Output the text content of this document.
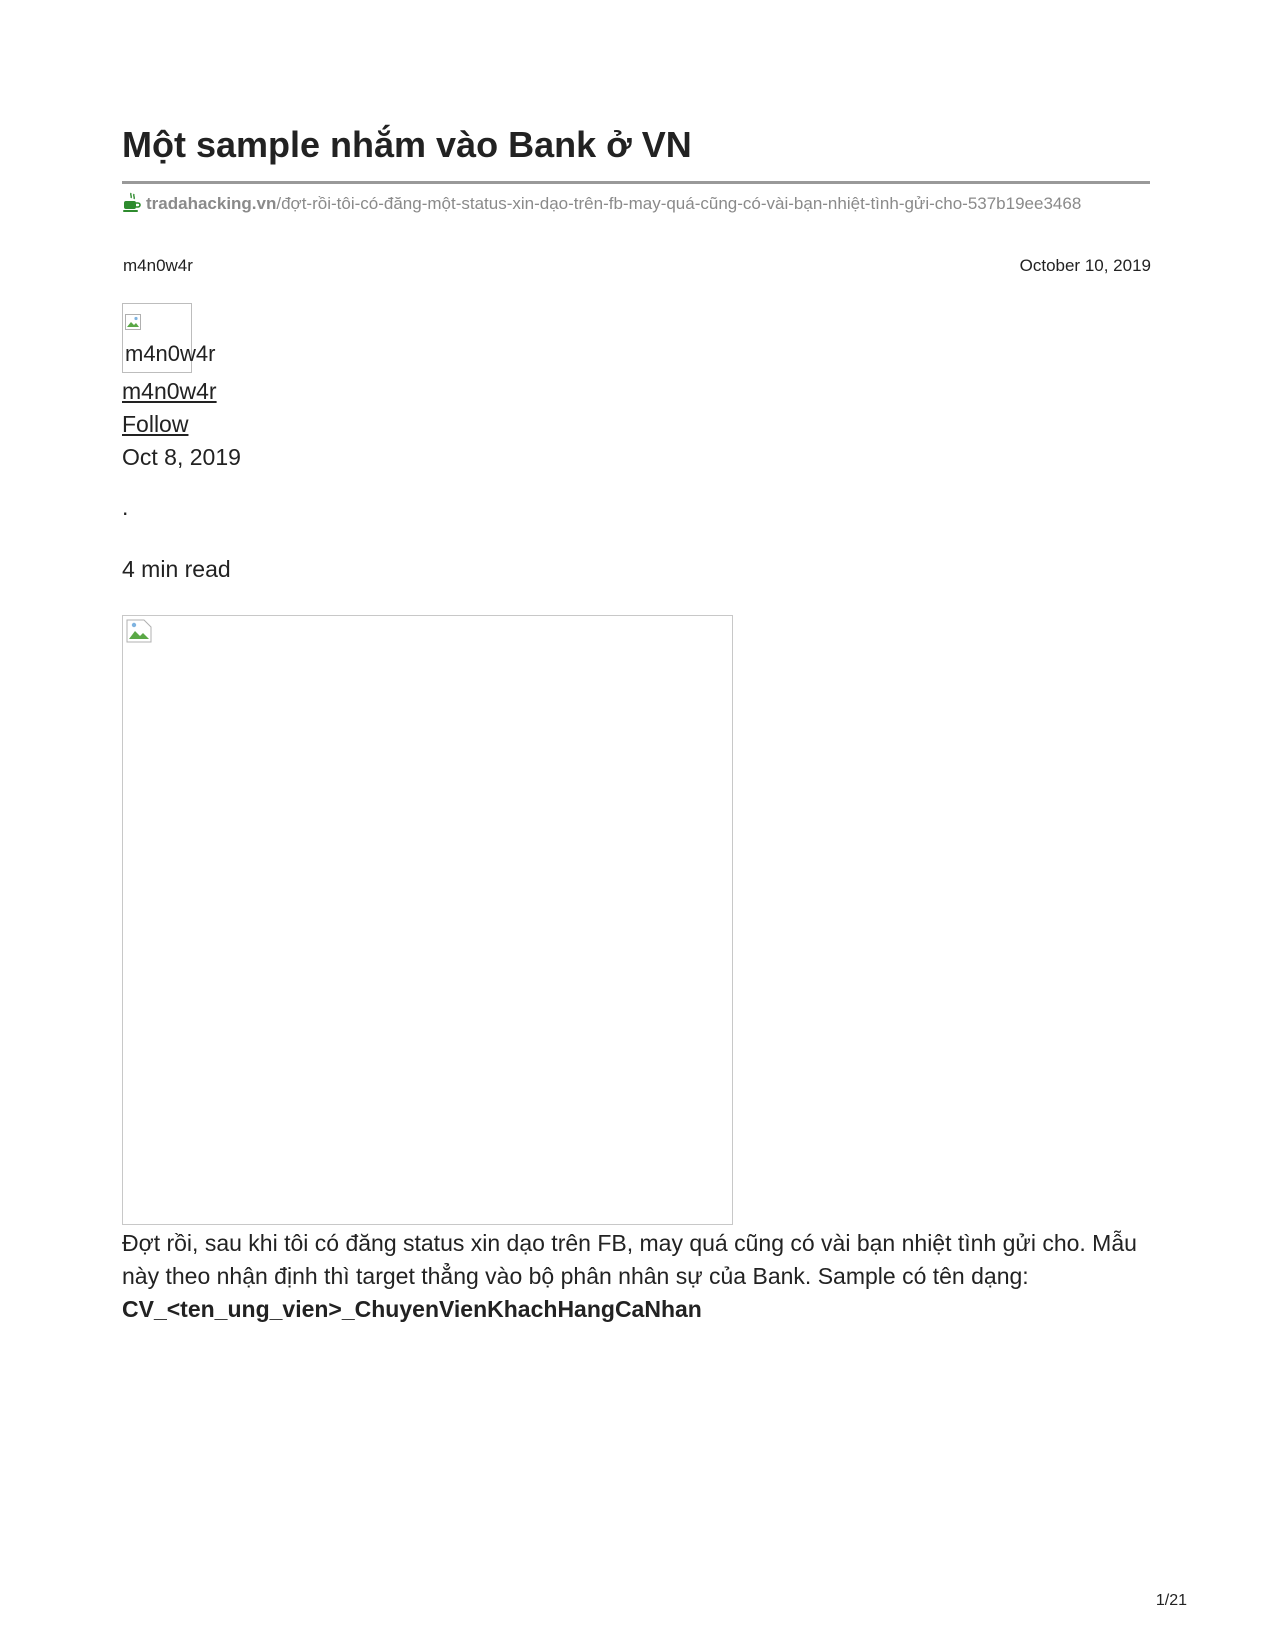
Một sample nhắm vào Bank ở VN
tradahacking.vn/đợt-rồi-tôi-có-đăng-một-status-xin-dạo-trên-fb-may-quá-cũng-có-vài-bạn-nhiệt-tình-gửi-cho-537b19ee3468
m4n0w4r	October 10, 2019
m4n0w4r
m4n0w4r
Follow
Oct 8, 2019
.
4 min read

Đợt rồi, sau khi tôi có đăng status xin dạo trên FB, may quá cũng có vài bạn nhiệt tình gửi cho. Mẫu này theo nhận định thì target thẳng vào bộ phân nhân sự của Bank. Sample có tên dạng:
CV_<ten_ung_vien>_ChuyenVienKhachHangCaNhan

1/21
